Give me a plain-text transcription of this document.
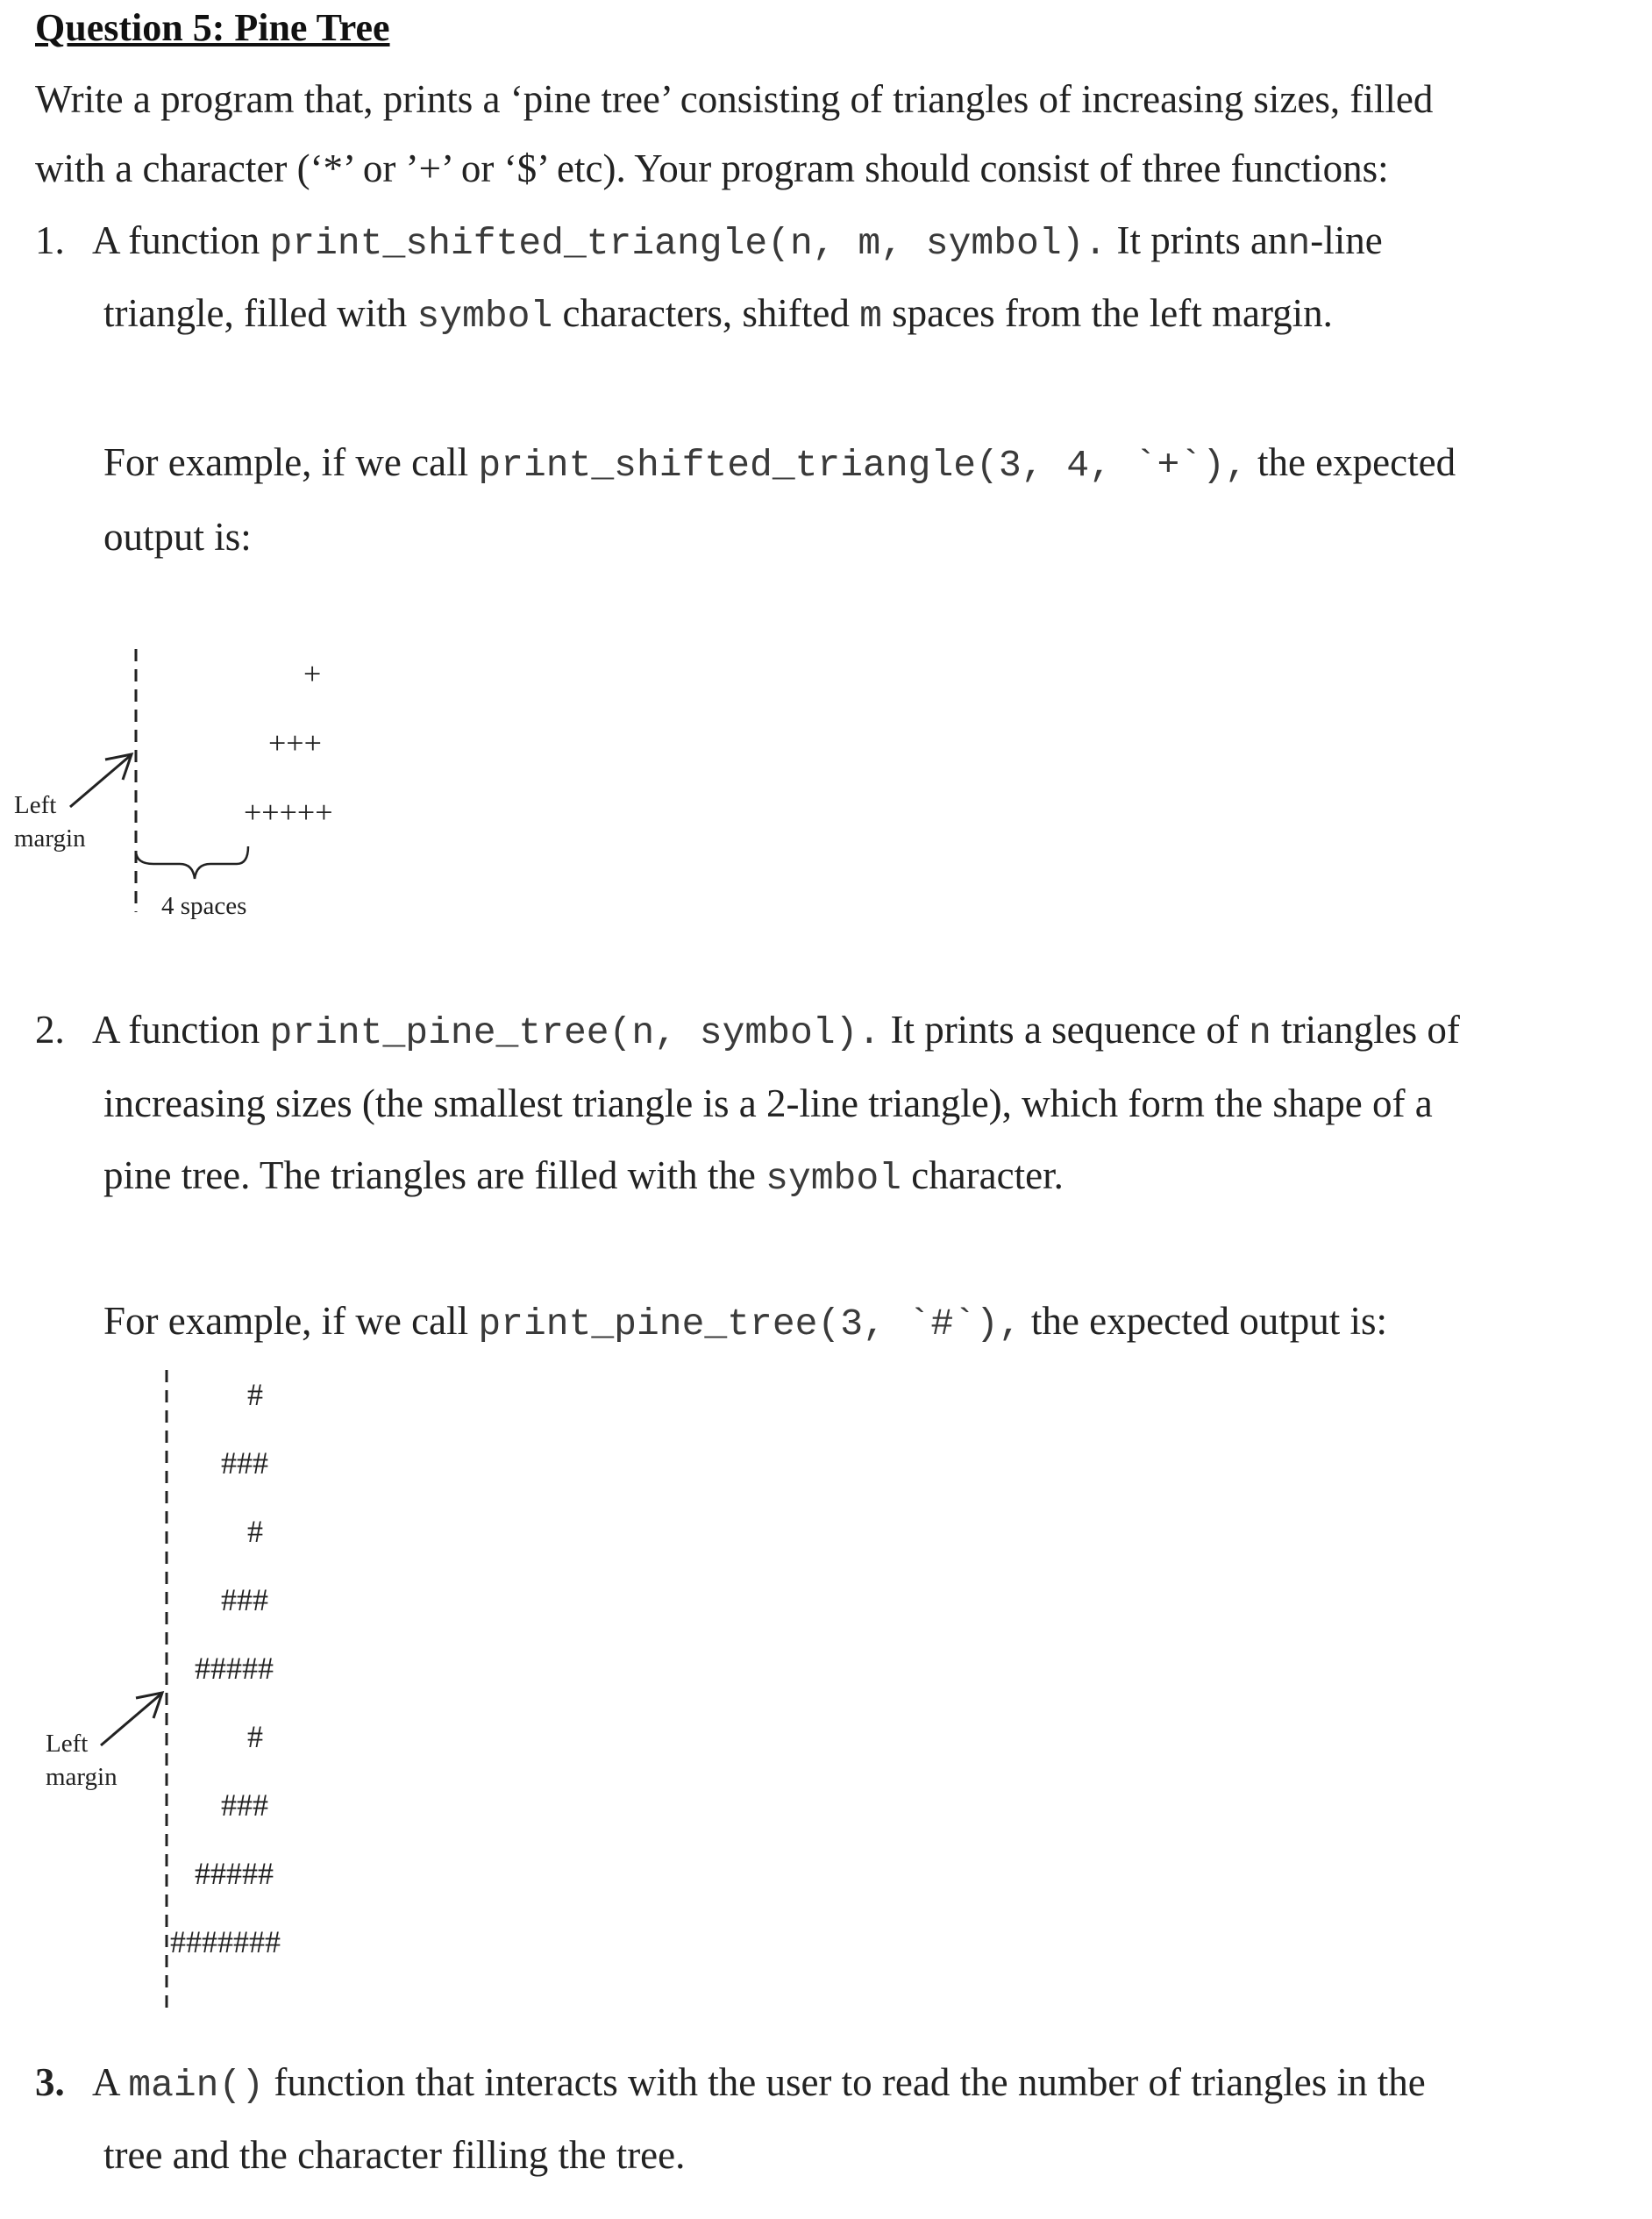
Question 5: Pine Tree
Write a program that, prints a ‘pine tree’ consisting of triangles of increasing sizes, filled
with a character (‘*’ or ’+’ or ‘$’ etc). Your program should consist of three functions:
1. A function print_shifted_triangle(n, m, symbol). It prints ann-line
triangle, filled with symbol characters, shifted m spaces from the left margin.
For example, if we call print_shifted_triangle(3, 4, `+`), the expected
output is:
+
+++
+++++
Left
margin
4 spaces
2. A function print_pine_tree(n, symbol). It prints a sequence of n triangles of
increasing sizes (the smallest triangle is a 2-line triangle), which form the shape of a
pine tree. The triangles are filled with the symbol character.
For example, if we call print_pine_tree(3, `#`), the expected output is:
#
###
#
###
#####
#
###
#####
#######
Left
margin
3. A main() function that interacts with the user to read the number of triangles in the
tree and the character filling the tree.
